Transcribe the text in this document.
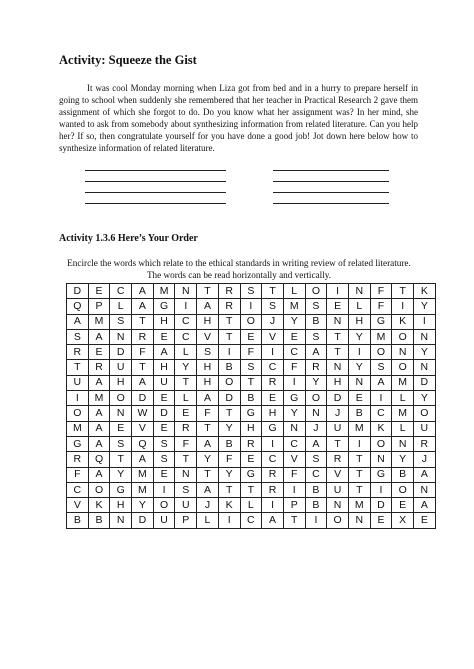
Activity: Squeeze the Gist
It was cool Monday morning when Liza got from bed and in a hurry to prepare herself in going to school when suddenly she remembered that her teacher in Practical Research 2 gave them assignment of which she forgot to do. Do you know what her assignment was? In her mind, she wanted to ask from somebody about synthesizing information from related literature. Can you help her? If so, then congratulate yourself for you have done a good job! Jot down here below how to synthesize information of related literature.
Activity 1.3.6 Here’s Your Order
Encircle the words which relate to the ethical standards in writing review of related literature.
The words can be read horizontally and vertically.
D	E	C	A	M	N	T	R	S	T	L	O	I	N	F	T	K
Q	P	L	A	G	I	A	R	I	S	M	S	E	L	F	I	Y
A	M	S	T	H	C	H	T	O	J	Y	B	N	H	G	K	I
S	A	N	R	E	C	V	T	E	V	E	S	T	Y	M	O	N
R	E	D	F	A	L	S	I	F	I	C	A	T	I	O	N	Y
T	R	U	T	H	Y	H	B	S	C	F	R	N	Y	S	O	N
U	A	H	A	U	T	H	O	T	R	I	Y	H	N	A	M	D
I	M	O	D	E	L	A	D	B	E	G	O	D	E	I	L	Y
O	A	N	W	D	E	F	T	G	H	Y	N	J	B	C	M	O
M	A	E	V	E	R	T	Y	H	G	N	J	U	M	K	L	U
G	A	S	Q	S	F	A	B	R	I	C	A	T	I	O	N	R
R	Q	T	A	S	T	Y	F	E	C	V	S	R	T	N	Y	J
F	A	Y	M	E	N	T	Y	G	R	F	C	V	T	G	B	A
C	O	G	M	I	S	A	T	T	R	I	B	U	T	I	O	N
V	K	H	Y	O	U	J	K	L	I	P	B	N	M	D	E	A
B	B	N	D	U	P	L	I	C	A	T	I	O	N	E	X	E
